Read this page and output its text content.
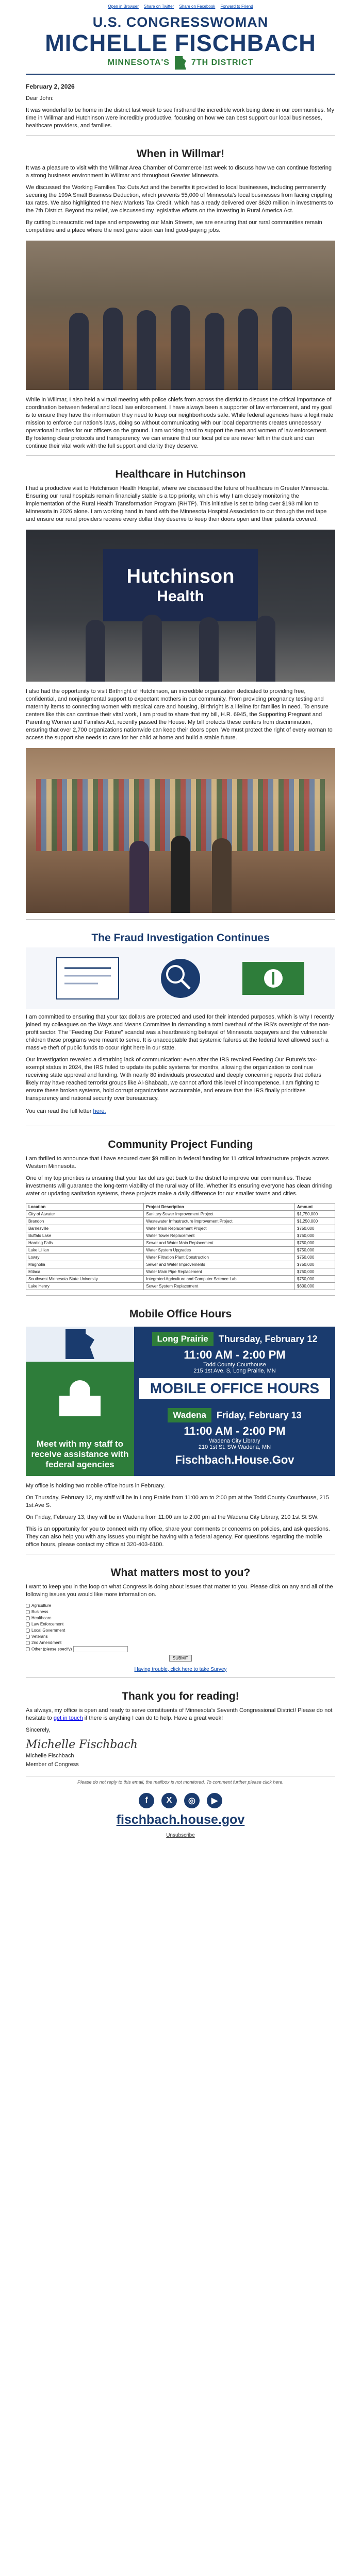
Open in Browser Share on Twitter Share on Facebook Forward to Friend
U.S. CONGRESSWOMAN
MICHELLE FISCHBACH
MINNESOTA'S	7TH DISTRICT

February 2, 2026

Dear John:

It was wonderful to be home in the district last week to see firsthand the incredible work being done in our communities. My time in Willmar and Hutchinson were incredibly productive, focusing on how we can best support our local businesses, healthcare providers, and families.

When in Willmar!

It was a pleasure to visit with the Willmar Area Chamber of Commerce last week to discuss how we can continue fostering a strong business environment in Willmar and throughout Greater Minnesota.

We discussed the Working Families Tax Cuts Act and the benefits it provided to local businesses, including permanently securing the 199A Small Business Deduction, which prevents 55,000 of Minnesota's local businesses from facing crippling tax rates. We also highlighted the New Markets Tax Credit, which has already delivered over $620 million in investments to the 7th District. Beyond tax relief, we discussed my legislative efforts on the Investing in Rural America Act.

By cutting bureaucratic red tape and empowering our Main Streets, we are ensuring that our rural communities remain competitive and a place where the next generation can find good-paying jobs.

While in Willmar, I also held a virtual meeting with police chiefs from across the district to discuss the critical importance of coordination between federal and local law enforcement. I have always been a supporter of law enforcement, and my goal is to ensure they have the information they need to keep our neighborhoods safe. While federal agencies have a legitimate mission to enforce our nation's laws, doing so without communicating with our local departments creates unnecessary operational hurdles for our officers on the ground. I am working hard to support the men and women of law enforcement. By fostering clear protocols and transparency, we can ensure that our local police are never left in the dark and can continue their vital work with the full support and clarity they deserve.

Healthcare in Hutchinson

I had a productive visit to Hutchinson Health Hospital, where we discussed the future of healthcare in Greater Minnesota. Ensuring our rural hospitals remain financially stable is a top priority, which is why I am closely monitoring the implementation of the Rural Health Transformation Program (RHTP). This initiative is set to bring over $193 million to Minnesota in 2026 alone. I am working hand in hand with the Minnesota Hospital Association to cut through the red tape and ensure our rural providers receive every dollar they deserve to keep their doors open and their patients covered.

Hutchinson
Health

I also had the opportunity to visit Birthright of Hutchinson, an incredible organization dedicated to providing free, confidential, and nonjudgmental support to expectant mothers in our community. From providing pregnancy testing and maternity items to connecting women with medical care and housing, Birthright is a lifeline for families in need. To ensure centers like this can continue their vital work, I am proud to share that my bill, H.R. 6945, the Supporting Pregnant and Parenting Women and Families Act, recently passed the House. My bill protects these centers from discrimination, ensuring that over 2,700 organizations nationwide can keep their doors open. We must protect the right of every woman to access the support she needs to care for her child at home and build a stable future.

The Fraud Investigation Continues

I am committed to ensuring that your tax dollars are protected and used for their intended purposes, which is why I recently joined my colleagues on the Ways and Means Committee in demanding a total overhaul of the IRS's oversight of the non-profit sector. The "Feeding Our Future" scandal was a heartbreaking betrayal of Minnesota taxpayers and the vulnerable children these programs were meant to serve. It is unacceptable that systemic failures at the federal level allowed such a massive theft of public funds to occur right here in our state.

Our investigation revealed a disturbing lack of communication: even after the IRS revoked Feeding Our Future's tax-exempt status in 2024, the IRS failed to update its public systems for months, allowing the organization to continue receiving state approval and funding. With nearly 80 individuals prosecuted and deeply concerning reports that dollars likely may have reached terrorist groups like Al-Shabaab, we cannot afford this level of incompetence. I am fighting to ensure these broken systems, hold corrupt organizations accountable, and ensure that the IRS finally prioritizes transparency and national security over bureaucracy.

You can read the full letter here.

Community Project Funding

I am thrilled to announce that I have secured over $9 million in federal funding for 11 critical infrastructure projects across Western Minnesota.

One of my top priorities is ensuring that your tax dollars get back to the district to improve our communities. These investments will guarantee the long-term viability of the rural way of life. Whether it's ensuring everyone has clean drinking water or updating sanitation systems, these projects make a daily difference for our smaller towns and cities.

Location	Project Description	Amount
City of Atwater	Sanitary Sewer Improvement Project	$1,750,000
Brandon	Wastewater Infrastructure Improvement Project	$1,250,000
Barnesville	Water Main Replacement Project	$750,000
Buffalo Lake	Water Tower Replacement	$750,000
Harding Falls	Sewer and Water Main Replacement	$750,000
Lake Lillian	Water System Upgrades	$750,000
Lowry	Water Filtration Plant Construction	$750,000
Magnolia	Sewer and Water Improvements	$750,000
Milaca	Water Main Pipe Replacement	$750,000
Southwest Minnesota State University	Integrated Agriculture and Computer Science Lab	$750,000
Lake Henry	Sewer System Replacement	$600,000
Mobile Office Hours
Meet with my staff to receive assistance with federal agencies
Long Prairie	Thursday, February 12
11:00 AM - 2:00 PM
Todd County Courthouse
215 1st Ave. S, Long Prairie, MN
MOBILE OFFICE HOURS
Wadena	Friday, February 13
11:00 AM - 2:00 PM
Wadena City Library
210 1st St. SW Wadena, MN
Fischbach.House.Gov

My office is holding two mobile office hours in February.

On Thursday, February 12, my staff will be in Long Prairie from 11:00 am to 2:00 pm at the Todd County Courthouse, 215 1st Ave S.

On Friday, February 13, they will be in Wadena from 11:00 am to 2:00 pm at the Wadena City Library, 210 1st St SW.

This is an opportunity for you to connect with my office, share your comments or concerns on policies, and ask questions. They can also help you with any issues you might be having with a federal agency. For questions regarding the mobile office hours, please contact my office at 320-403-6100.

What matters most to you?

I want to keep you in the loop on what Congress is doing about issues that matter to you. Please click on any and all of the following issues you would like more information on.

Agriculture
Business
Healthcare
Law Enforcement
Local Government
Veterans
2nd Amendment
Other (please specify)
SUBMIT
Having trouble, click here to take Survey
Thank you for reading!

As always, my office is open and ready to serve constituents of Minnesota's Seventh Congressional District! Please do not hesitate to get in touch if there is anything I can do to help. Have a great week!

Sincerely,

Michelle Fischbach

Michelle Fischbach

Member of Congress

Please do not reply to this email, the mailbox is not monitored. To comment further please click here.
f	X	◎	▶
fischbach.house.gov
Unsubscribe
